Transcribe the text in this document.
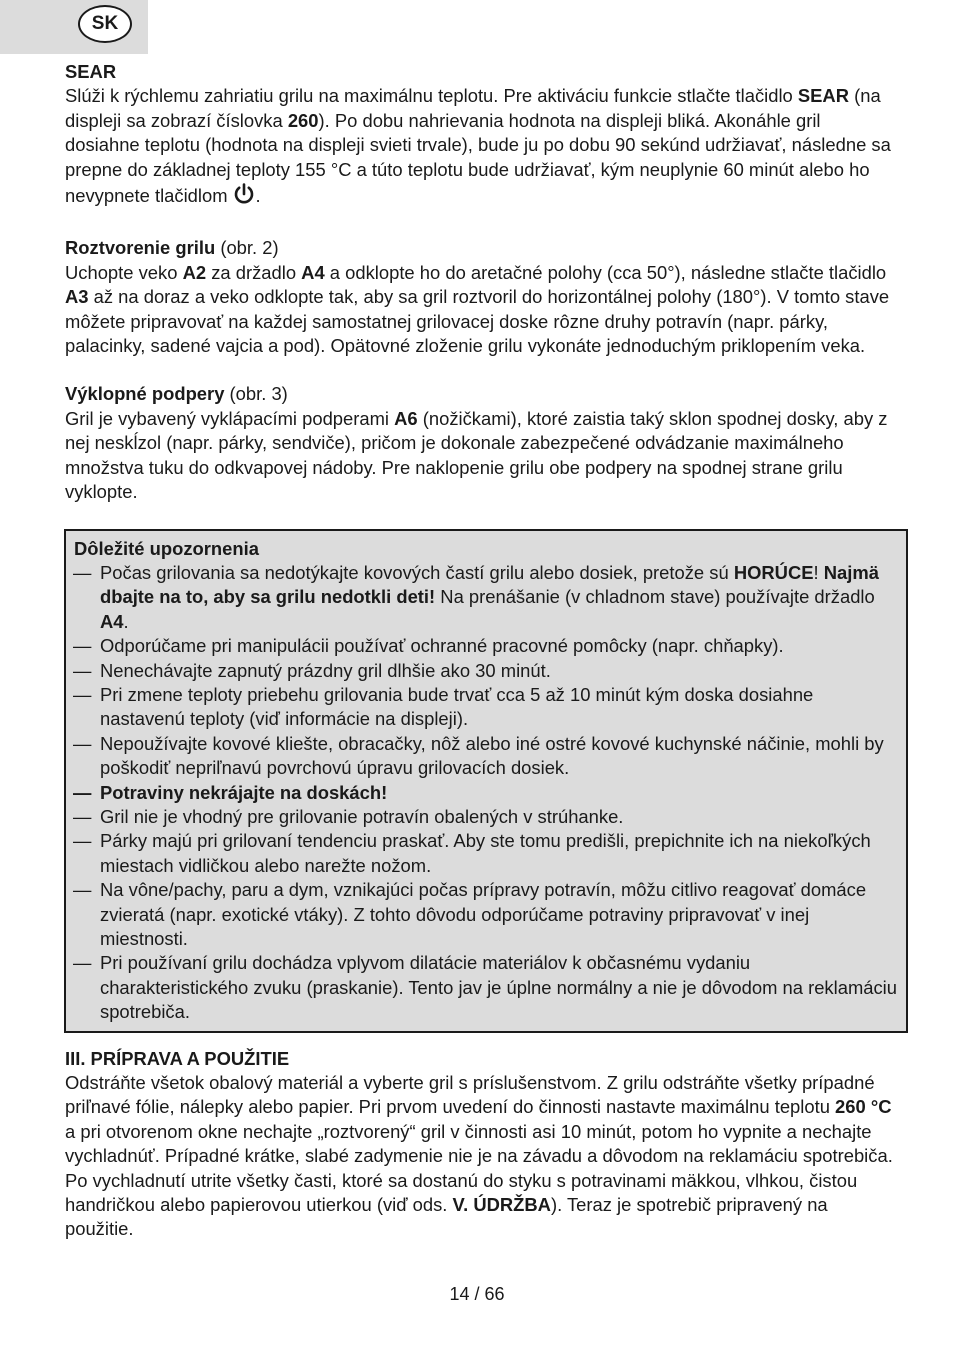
SK

SEAR

Slúži k rýchlemu zahriatiu grilu na maximálnu teplotu. Pre aktiváciu funkcie stlačte tlačidlo SEAR (na displeji sa zobrazí číslovka 260). Po dobu nahrievania hodnota na displeji bliká. Akonáhle gril dosiahne teplotu (hodnota na displeji svieti trvale), bude ju po dobu 90 sekúnd udržiavať, následne sa prepne do základnej teploty 155 °C a túto teplotu bude udržiavať, kým neuplynie 60 minút alebo ho nevypnete tlačidlom .

Roztvorenie grilu (obr. 2)

Uchopte veko A2 za držadlo A4 a odklopte ho do aretačné polohy (cca 50°), následne stlačte tlačidlo A3 až na doraz a veko odklopte tak, aby sa gril roztvoril do horizontálnej polohy (180°). V tomto stave môžete pripravovať na každej samostatnej grilovacej doske rôzne druhy potravín (napr. párky, palacinky, sadené vajcia a pod). Opätovné zloženie grilu vykonáte jednoduchým priklopením veka.

Výklopné podpery (obr. 3)

Gril je vybavený vyklápacími podperami A6 (nožičkami), ktoré zaistia taký sklon spodnej dosky, aby z nej neskĺzol (napr. párky, sendviče), pričom je dokonale zabezpečené odvádzanie maximálneho množstva tuku do odkvapovej nádoby. Pre naklopenie grilu obe podpery na spodnej strane grilu vyklopte.

Dôležité upozornenia

— Počas grilovania sa nedotýkajte kovových častí grilu alebo dosiek, pretože sú HORÚCE! Najmä dbajte na to, aby sa grilu nedotkli deti! Na prenášanie (v chladnom stave) používajte držadlo A4.
— Odporúčame pri manipulácii používať ochranné pracovné pomôcky (napr. chňapky).
— Nenechávajte zapnutý prázdny gril dlhšie ako 30 minút.
— Pri zmene teploty priebehu grilovania bude trvať cca 5 až 10 minút kým doska dosiahne nastavenú teploty (viď informácie na displeji).
— Nepoužívajte kovové kliešte, obracačky, nôž alebo iné ostré kovové kuchynské náčinie, mohli by poškodiť nepriľnavú povrchovú úpravu grilovacích dosiek.
— Potraviny nekrájajte na doskách!
— Gril nie je vhodný pre grilovanie potravín obalených v strúhanke.
— Párky majú pri grilovaní tendenciu praskať. Aby ste tomu predišli, prepichnite ich na niekoľkých miestach vidličkou alebo narežte nožom.
— Na vône/pachy, paru a dym, vznikajúci počas prípravy potravín, môžu citlivo reagovať domáce zvieratá (napr. exotické vtáky). Z tohto dôvodu odporúčame potraviny pripravovať v inej miestnosti.
— Pri používaní grilu dochádza vplyvom dilatácie materiálov k občasnému vydaniu charakteristického zvuku (praskanie). Tento jav je úplne normálny a nie je dôvodom na reklamáciu spotrebiča.

III. PRÍPRAVA A POUŽITIE

Odstráňte všetok obalový materiál a vyberte gril s príslušenstvom. Z grilu odstráňte všetky prípadné priľnavé fólie, nálepky alebo papier. Pri prvom uvedení do činnosti nastavte maximálnu teplotu 260 °C a pri otvorenom okne nechajte „roztvorený“ gril v činnosti asi 10 minút, potom ho vypnite a nechajte vychladnúť. Prípadné krátke, slabé zadymenie nie je na závadu a dôvodom na reklamáciu spotrebiča. Po vychladnutí utrite všetky časti, ktoré sa dostanú do styku s potravinami mäkkou, vlhkou, čistou handričkou alebo papierovou utierkou (viď ods. V. ÚDRŽBA). Teraz je spotrebič pripravený na použitie.

14 / 66
